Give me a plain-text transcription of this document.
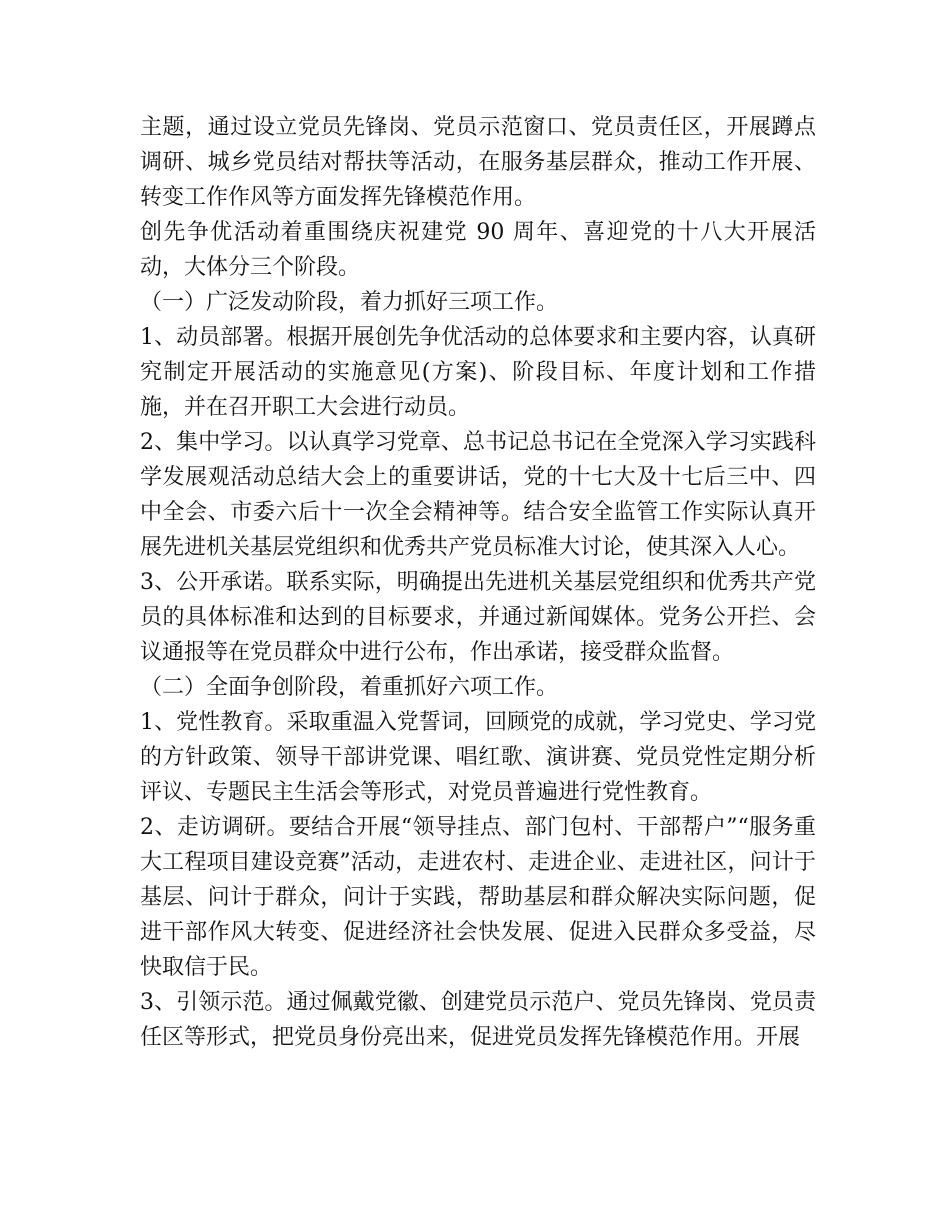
主题，通过设立党员先锋岗、党员示范窗口、党员责任区，开展蹲点调研、城乡党员结对帮扶等活动，在服务基层群众，推动工作开展、转变工作作风等方面发挥先锋模范作用。

创先争优活动着重围绕庆祝建党 90 周年、喜迎党的十八大开展活动，大体分三个阶段。

（一）广泛发动阶段，着力抓好三项工作。

1、动员部署。根据开展创先争优活动的总体要求和主要内容，认真研究制定开展活动的实施意见(方案)、阶段目标、年度计划和工作措施，并在召开职工大会进行动员。

2、集中学习。以认真学习党章、总书记总书记在全党深入学习实践科学发展观活动总结大会上的重要讲话，党的十七大及十七后三中、四中全会、市委六后十一次全会精神等。结合安全监管工作实际认真开展先进机关基层党组织和优秀共产党员标准大讨论，使其深入人心。

3、公开承诺。联系实际，明确提出先进机关基层党组织和优秀共产党员的具体标准和达到的目标要求，并通过新闻媒体。党务公开拦、会议通报等在党员群众中进行公布，作出承诺，接受群众监督。

（二）全面争创阶段，着重抓好六项工作。

1、党性教育。采取重温入党誓词，回顾党的成就，学习党史、学习党的方针政策、领导干部讲党课、唱红歌、演讲赛、党员党性定期分析评议、专题民主生活会等形式，对党员普遍进行党性教育。

2、走访调研。要结合开展“领导挂点、部门包村、干部帮户”“服务重大工程项目建设竞赛”活动，走进农村、走进企业、走进社区，问计于基层、问计于群众，问计于实践，帮助基层和群众解决实际问题，促进干部作风大转变、促进经济社会快发展、促进入民群众多受益，尽快取信于民。

3、引领示范。通过佩戴党徽、创建党员示范户、党员先锋岗、党员责任区等形式，把党员身份亮出来，促进党员发挥先锋模范作用。开展
